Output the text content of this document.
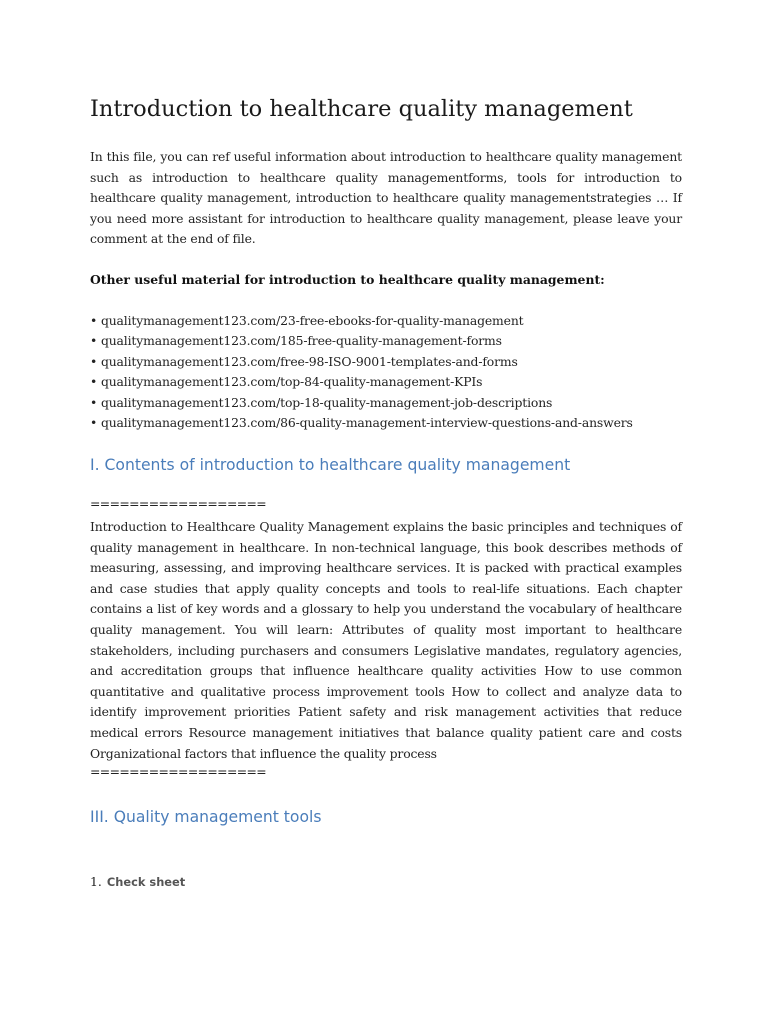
Introduction to healthcare quality management

In this file, you can ref useful information about introduction to healthcare quality management such as introduction to healthcare quality managementforms, tools for introduction to healthcare quality management, introduction to healthcare quality managementstrategies … If you need more assistant for introduction to healthcare quality management, please leave your comment at the end of file.

Other useful material for introduction to healthcare quality management:

• qualitymanagement123.com/23-free-ebooks-for-quality-management
• qualitymanagement123.com/185-free-quality-management-forms
• qualitymanagement123.com/free-98-ISO-9001-templates-and-forms
• qualitymanagement123.com/top-84-quality-management-KPIs
• qualitymanagement123.com/top-18-quality-management-job-descriptions
• qualitymanagement123.com/86-quality-management-interview-questions-and-answers
I. Contents of introduction to healthcare quality management

==================

Introduction to Healthcare Quality Management explains the basic principles and techniques of quality management in healthcare. In non-technical language, this book describes methods of measuring, assessing, and improving healthcare services. It is packed with practical examples and case studies that apply quality concepts and tools to real-life situations. Each chapter contains a list of key words and a glossary to help you understand the vocabulary of healthcare quality management. You will learn: Attributes of quality most important to healthcare stakeholders, including purchasers and consumers Legislative mandates, regulatory agencies, and accreditation groups that influence healthcare quality activities How to use common quantitative and qualitative process improvement tools How to collect and analyze data to identify improvement priorities Patient safety and risk management activities that reduce medical errors Resource management initiatives that balance quality patient care and costs Organizational factors that influence the quality process

==================

III. Quality management tools

1. Check sheet
